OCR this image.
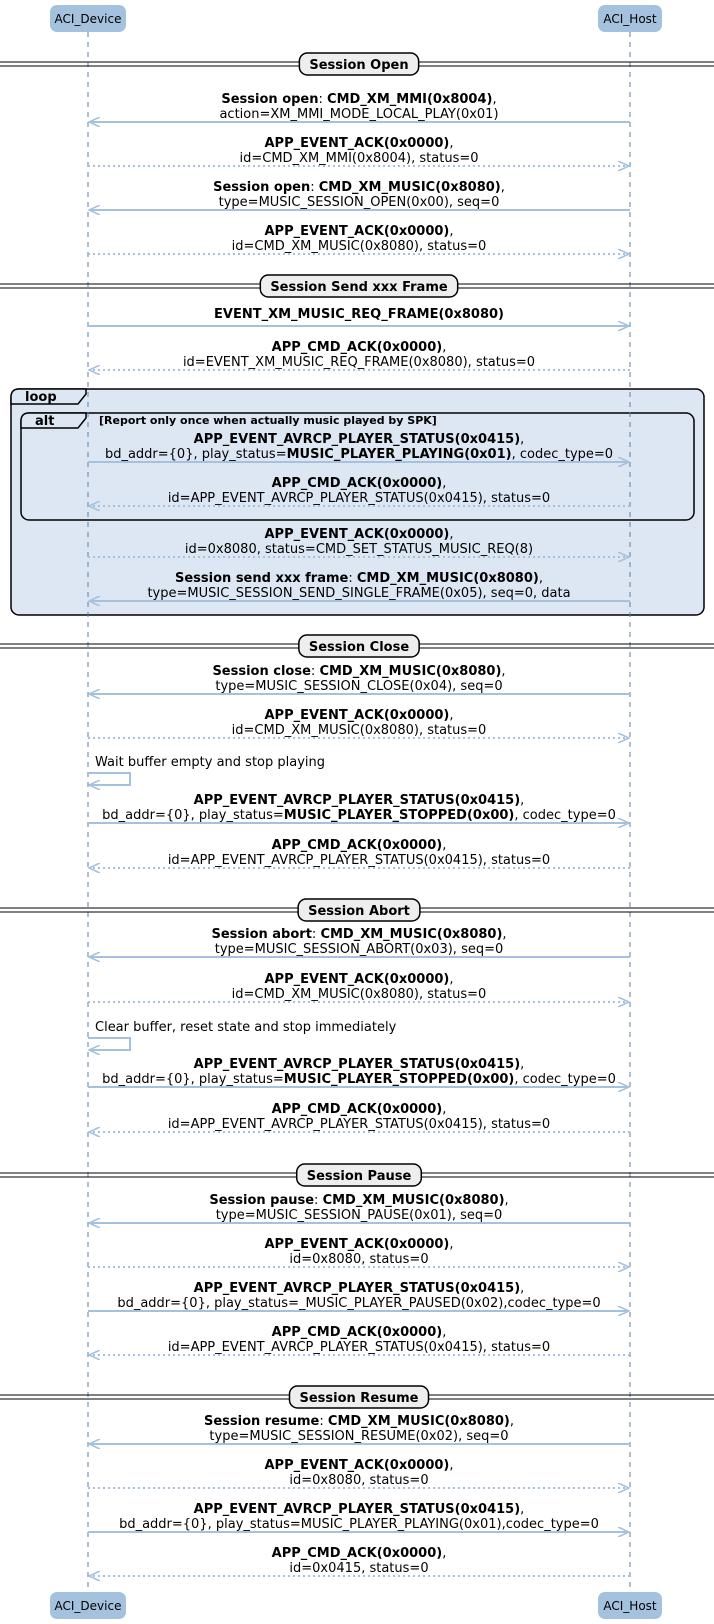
loop
alt	[Report only once when actually music played by SPK]
ACI_Device	ACI_Host
ACI_Device	ACI_Host
Session Open
Session Send xxx Frame
Session Close
Session Abort
Session Pause
Session Resume
Wait buffer empty and stop playing
Clear buffer, reset state and stop immediately
Session open: CMD_XM_MMI(0x8004),
action=XM_MMI_MODE_LOCAL_PLAY(0x01)
APP_EVENT_ACK(0x0000),
id=CMD_XM_MMI(0x8004), status=0
Session open: CMD_XM_MUSIC(0x8080),
type=MUSIC_SESSION_OPEN(0x00), seq=0
APP_EVENT_ACK(0x0000),
id=CMD_XM_MUSIC(0x8080), status=0
EVENT_XM_MUSIC_REQ_FRAME(0x8080)
APP_CMD_ACK(0x0000),
id=EVENT_XM_MUSIC_REQ_FRAME(0x8080), status=0
APP_EVENT_AVRCP_PLAYER_STATUS(0x0415),
bd_addr={0}, play_status=MUSIC_PLAYER_PLAYING(0x01), codec_type=0
APP_CMD_ACK(0x0000),
id=APP_EVENT_AVRCP_PLAYER_STATUS(0x0415), status=0
APP_EVENT_ACK(0x0000),
id=0x8080, status=CMD_SET_STATUS_MUSIC_REQ(8)
Session send xxx frame: CMD_XM_MUSIC(0x8080),
type=MUSIC_SESSION_SEND_SINGLE_FRAME(0x05), seq=0, data
Session close: CMD_XM_MUSIC(0x8080),
type=MUSIC_SESSION_CLOSE(0x04), seq=0
APP_EVENT_ACK(0x0000),
id=CMD_XM_MUSIC(0x8080), status=0
APP_EVENT_AVRCP_PLAYER_STATUS(0x0415),
bd_addr={0}, play_status=MUSIC_PLAYER_STOPPED(0x00), codec_type=0
APP_CMD_ACK(0x0000),
id=APP_EVENT_AVRCP_PLAYER_STATUS(0x0415), status=0
Session abort: CMD_XM_MUSIC(0x8080),
type=MUSIC_SESSION_ABORT(0x03), seq=0
APP_EVENT_ACK(0x0000),
id=CMD_XM_MUSIC(0x8080), status=0
APP_EVENT_AVRCP_PLAYER_STATUS(0x0415),
bd_addr={0}, play_status=MUSIC_PLAYER_STOPPED(0x00), codec_type=0
APP_CMD_ACK(0x0000),
id=APP_EVENT_AVRCP_PLAYER_STATUS(0x0415), status=0
Session pause: CMD_XM_MUSIC(0x8080),
type=MUSIC_SESSION_PAUSE(0x01), seq=0
APP_EVENT_ACK(0x0000),
id=0x8080, status=0
APP_EVENT_AVRCP_PLAYER_STATUS(0x0415),
bd_addr={0}, play_status=_MUSIC_PLAYER_PAUSED(0x02),codec_type=0
APP_CMD_ACK(0x0000),
id=APP_EVENT_AVRCP_PLAYER_STATUS(0x0415), status=0
Session resume: CMD_XM_MUSIC(0x8080),
type=MUSIC_SESSION_RESUME(0x02), seq=0
APP_EVENT_ACK(0x0000),
id=0x8080, status=0
APP_EVENT_AVRCP_PLAYER_STATUS(0x0415),
bd_addr={0}, play_status=MUSIC_PLAYER_PLAYING(0x01),codec_type=0
APP_CMD_ACK(0x0000),
id=0x0415, status=0
